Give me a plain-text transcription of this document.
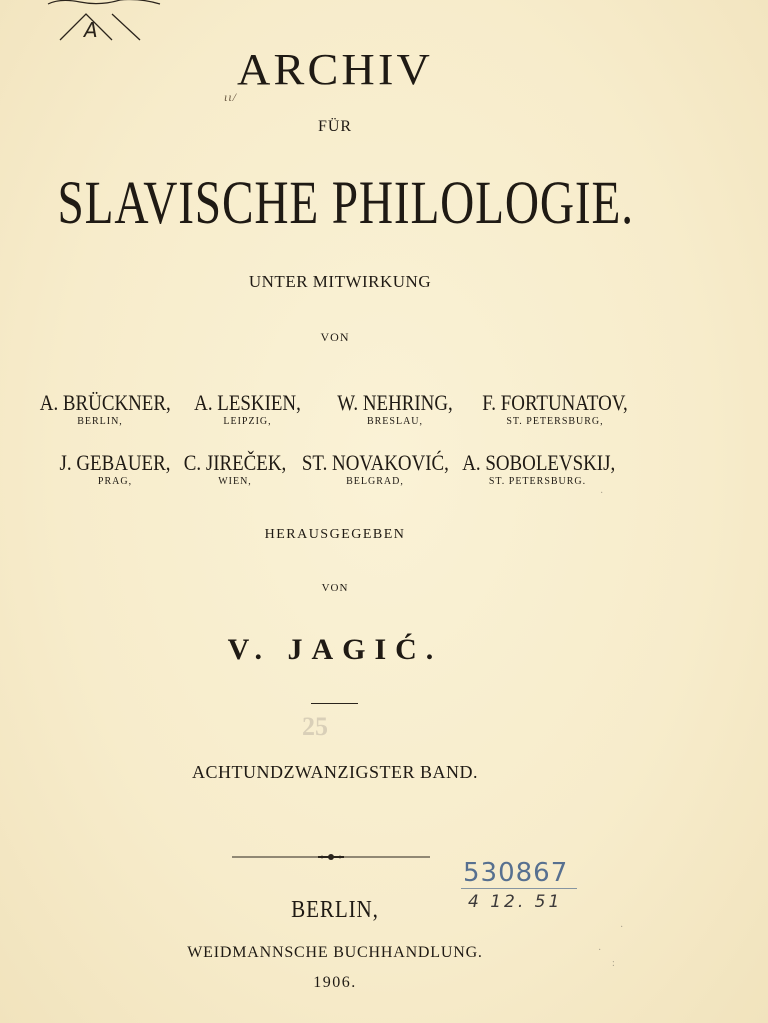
A
ARCHIV
ιι/
FÜR
SLAVISCHE PHILOLOGIE.
UNTER MITWIRKUNG
VON
A. BRÜCKNER,
BERLIN,
A. LESKIEN,
LEIPZIG,
W. NEHRING,
BRESLAU,
F. FORTUNATOV,
ST. PETERSBURG,
J. GEBAUER,
PRAG,
C. JIREČEK,
WIEN,
ST. NOVAKOVIĆ,
BELGRAD,
A. SOBOLEVSKIJ,
ST. PETERSBURG.
HERAUSGEGEBEN
VON
V. JAGIĆ.
25
ACHTUNDZWANZIGSTER BAND.
530867
4 12. 51
BERLIN,
WEIDMANNSCHE BUCHHANDLUNG.
1906.
·
:
·
·
